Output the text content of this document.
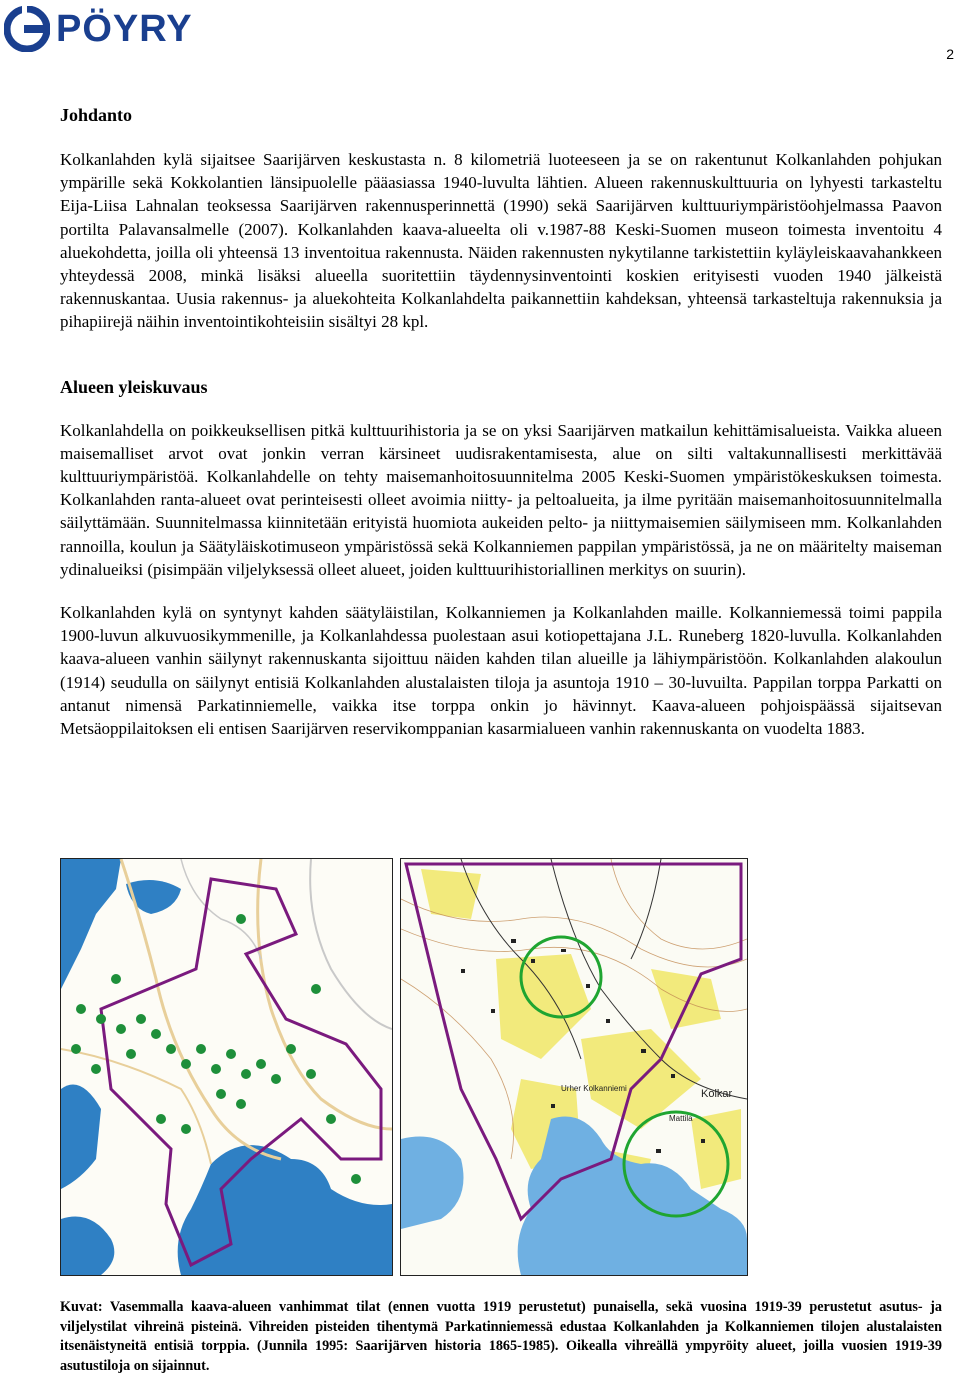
PÖYRY
2
Johdanto

Kolkanlahden kylä sijaitsee Saarijärven keskustasta n. 8 kilometriä luoteeseen ja se on rakentunut Kolkanlahden pohjukan ympärille sekä Kokkolantien länsipuolelle pääasiassa 1940-luvulta lähtien. Alueen rakennuskulttuuria on lyhyesti tarkasteltu Eija-Liisa Lahnalan teoksessa Saarijärven rakennusperinnettä (1990) sekä Saarijärven kulttuuriympäristöohjelmassa Paavon portilta Palavansalmelle (2007). Kolkanlahden kaava-alueelta oli v.1987-88 Keski-Suomen museon toimesta inventoitu 4 aluekohdetta, joilla oli yhteensä 13 inventoitua rakennusta. Näiden rakennusten nykytilanne tarkistettiin kyläyleiskaavahankkeen yhteydessä 2008, minkä lisäksi alueella suoritettiin täydennysinventointi koskien erityisesti vuoden 1940 jälkeistä rakennuskantaa. Uusia rakennus- ja aluekohteita Kolkanlahdelta paikannettiin kahdeksan, yhteensä tarkasteltuja rakennuksia ja pihapiirejä näihin inventointikohteisiin sisältyi 28 kpl.

Alueen yleiskuvaus

Kolkanlahdella on poikkeuksellisen pitkä kulttuurihistoria ja se on yksi Saarijärven matkailun kehittämisalueista. Vaikka alueen maisemalliset arvot ovat jonkin verran kärsineet uudisrakentamisesta, alue on silti valtakunnallisesti merkittävää kulttuuriympäristöä. Kolkanlahdelle on tehty maisemanhoitosuunnitelma 2005 Keski-Suomen ympäristökeskuksen toimesta. Kolkanlahden ranta-alueet ovat perinteisesti olleet avoimia niitty- ja peltoalueita, ja ilme pyritään maisemanhoitosuunnitelmalla säilyttämään. Suunnitelmassa kiinnitetään erityistä huomiota aukeiden pelto- ja niittymaisemien säilymiseen mm. Kolkanlahden rannoilla, koulun ja Säätyläiskotimuseon ympäristössä sekä Kolkanniemen pappilan ympäristössä, ja ne on määritelty maiseman ydinalueiksi (pisimpään viljelyksessä olleet alueet, joiden kulttuurihistoriallinen merkitys on suurin).

Kolkanlahden kylä on syntynyt kahden säätyläistilan, Kolkanniemen ja Kolkanlahden maille. Kolkanniemessä toimi pappila 1900-luvun alkuvuosikymmenille, ja Kolkanlahdessa puolestaan asui kotiopettajana J.L. Runeberg 1820-luvulla. Kolkanlahden kaava-alueen vanhin säilynyt rakennuskanta sijoittuu näiden kahden tilan alueille ja lähiympäristöön. Kolkanlahden alakoulun (1914) seudulla on säilynyt entisiä Kolkanlahden alustalaisten tiloja ja asuntoja 1910 – 30-luvuilta. Pappilan torppa Parkatti on antanut nimensä Parkatinniemelle, vaikka itse torppa onkin jo hävinnyt. Kaava-alueen pohjoispäässä sijaitsevan Metsäoppilaitoksen eli entisen Saarijärven reservikomppanian kasarmialueen vanhin rakennuskanta on vuodelta 1883.

Kolkar
Mattila
Urher Kolkanniemi
Kuvat: Vasemmalla kaava-alueen vanhimmat tilat (ennen vuotta 1919 perustetut) punaisella, sekä vuosina 1919-39 perustetut asutus- ja viljelystilat vihreinä pisteinä. Vihreiden pisteiden tihentymä Parkatinniemessä edustaa Kolkanlahden ja Kolkanniemen tilojen alustalaisten itsenäistyneitä entisiä torppia. (Junnila 1995: Saarijärven historia 1865-1985). Oikealla vihreällä ympyröity alueet, joilla vuosien 1919-39 asutustiloja on sijainnut.
